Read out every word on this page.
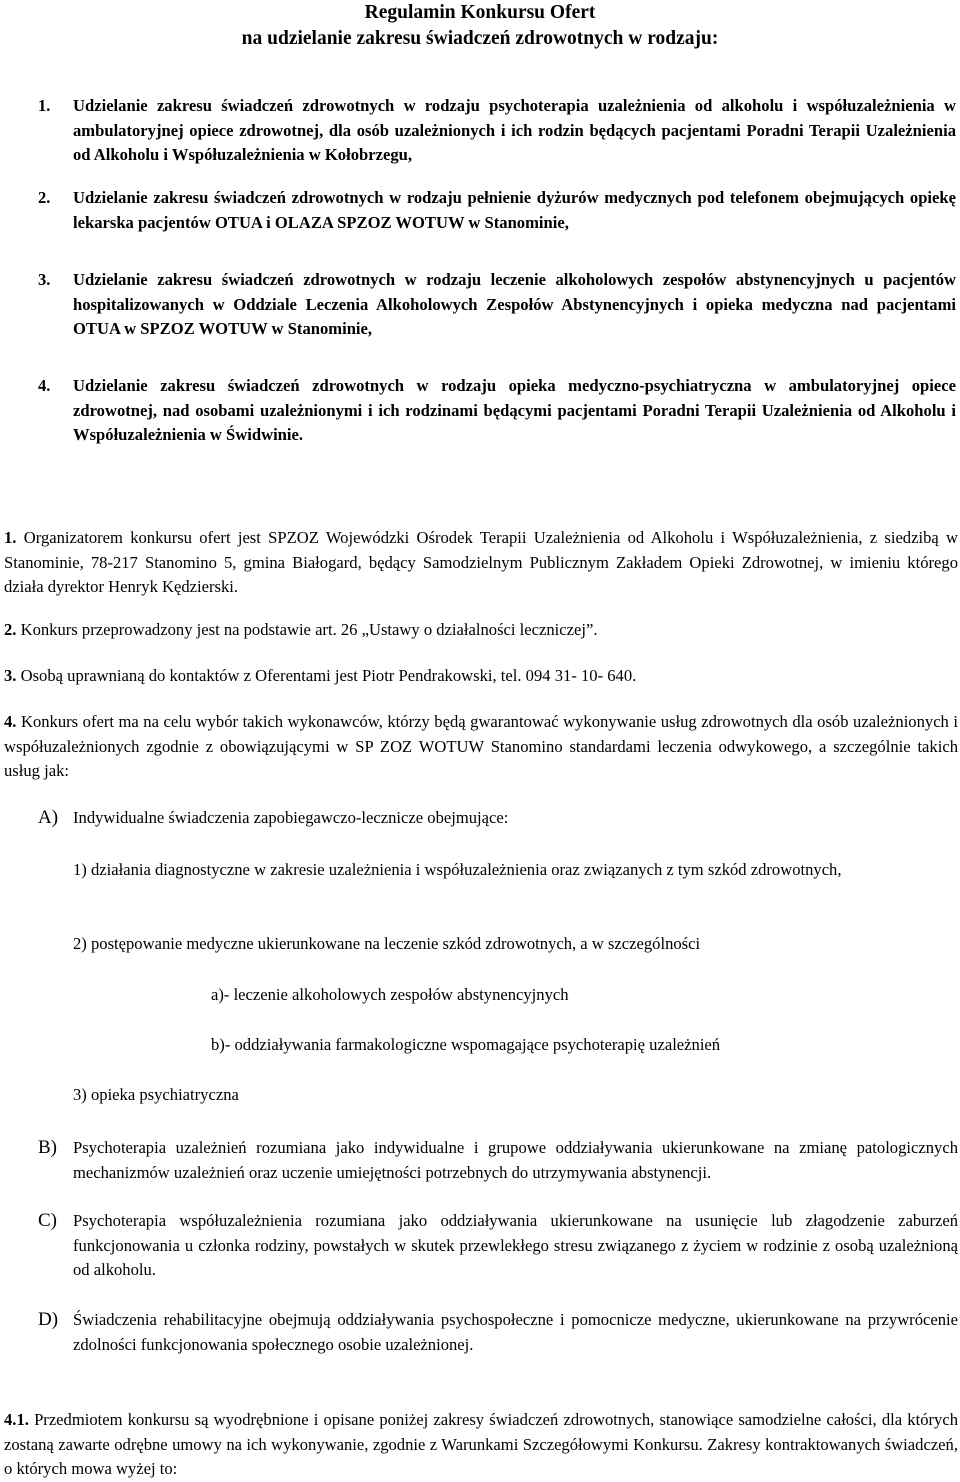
Regulamin Konkursu Ofert
na udzielanie zakresu świadczeń zdrowotnych w rodzaju:
1. Udzielanie zakresu świadczeń zdrowotnych w rodzaju psychoterapia uzależnienia od alkoholu i współuzależnienia w ambulatoryjnej opiece zdrowotnej, dla osób uzależnionych i ich rodzin będących pacjentami Poradni Terapii Uzależnienia od Alkoholu i Współuzależnienia w Kołobrzegu,
2. Udzielanie zakresu świadczeń zdrowotnych w rodzaju pełnienie dyżurów medycznych pod telefonem obejmujących opiekę lekarska pacjentów OTUA i OLAZA SPZOZ WOTUW w Stanominie,
3. Udzielanie zakresu świadczeń zdrowotnych w rodzaju leczenie alkoholowych zespołów abstynencyjnych u pacjentów hospitalizowanych w Oddziale Leczenia Alkoholowych Zespołów Abstynencyjnych i opieka medyczna nad pacjentami OTUA w SPZOZ WOTUW w Stanominie,
4. Udzielanie zakresu świadczeń zdrowotnych w rodzaju opieka medyczno-psychiatryczna w ambulatoryjnej opiece zdrowotnej, nad osobami uzależnionymi i ich rodzinami będącymi pacjentami Poradni Terapii Uzależnienia od Alkoholu i Współuzależnienia w Świdwinie.
1. Organizatorem konkursu ofert jest SPZOZ Wojewódzki Ośrodek Terapii Uzależnienia od Alkoholu i Współuzależnienia, z siedzibą w Stanominie, 78-217 Stanomino 5, gmina Białogard, będący Samodzielnym Publicznym Zakładem Opieki Zdrowotnej, w imieniu którego działa dyrektor Henryk Kędzierski.
2. Konkurs przeprowadzony jest na podstawie art. 26 „Ustawy o działalności leczniczej”.
3. Osobą uprawnianą do kontaktów z Oferentami jest Piotr Pendrakowski, tel. 094 31- 10- 640.
4. Konkurs ofert ma na celu wybór takich wykonawców, którzy będą gwarantować wykonywanie usług zdrowotnych dla osób uzależnionych i współuzależnionych zgodnie z obowiązującymi w SP ZOZ WOTUW Stanomino standardami leczenia odwykowego, a szczególnie takich usług jak:
A) Indywidualne świadczenia zapobiegawczo-lecznicze obejmujące:
1) działania diagnostyczne w zakresie uzależnienia i współuzależnienia oraz związanych z tym szkód zdrowotnych,
2) postępowanie medyczne ukierunkowane na leczenie szkód zdrowotnych, a w szczególności
a)- leczenie alkoholowych zespołów abstynencyjnych
b)- oddziaływania farmakologiczne wspomagające psychoterapię uzależnień
3) opieka psychiatryczna
B) Psychoterapia uzależnień rozumiana jako indywidualne i grupowe oddziaływania ukierunkowane na zmianę patologicznych mechanizmów uzależnień oraz uczenie umiejętności potrzebnych do utrzymywania abstynencji.
C) Psychoterapia współuzależnienia rozumiana jako oddziaływania ukierunkowane na usunięcie lub złagodzenie zaburzeń funkcjonowania u członka rodziny, powstałych w skutek przewlekłego stresu związanego z życiem w rodzinie z osobą uzależnioną od alkoholu.
D) Świadczenia rehabilitacyjne obejmują oddziaływania psychospołeczne i pomocnicze medyczne, ukierunkowane na przywrócenie zdolności funkcjonowania społecznego osobie uzależnionej.
4.1. Przedmiotem konkursu są wyodrębnione i opisane poniżej zakresy świadczeń zdrowotnych, stanowiące samodzielne całości, dla których zostaną zawarte odrębne umowy na ich wykonywanie, zgodnie z Warunkami Szczegółowymi Konkursu. Zakresy kontraktowanych świadczeń, o których mowa wyżej to:
